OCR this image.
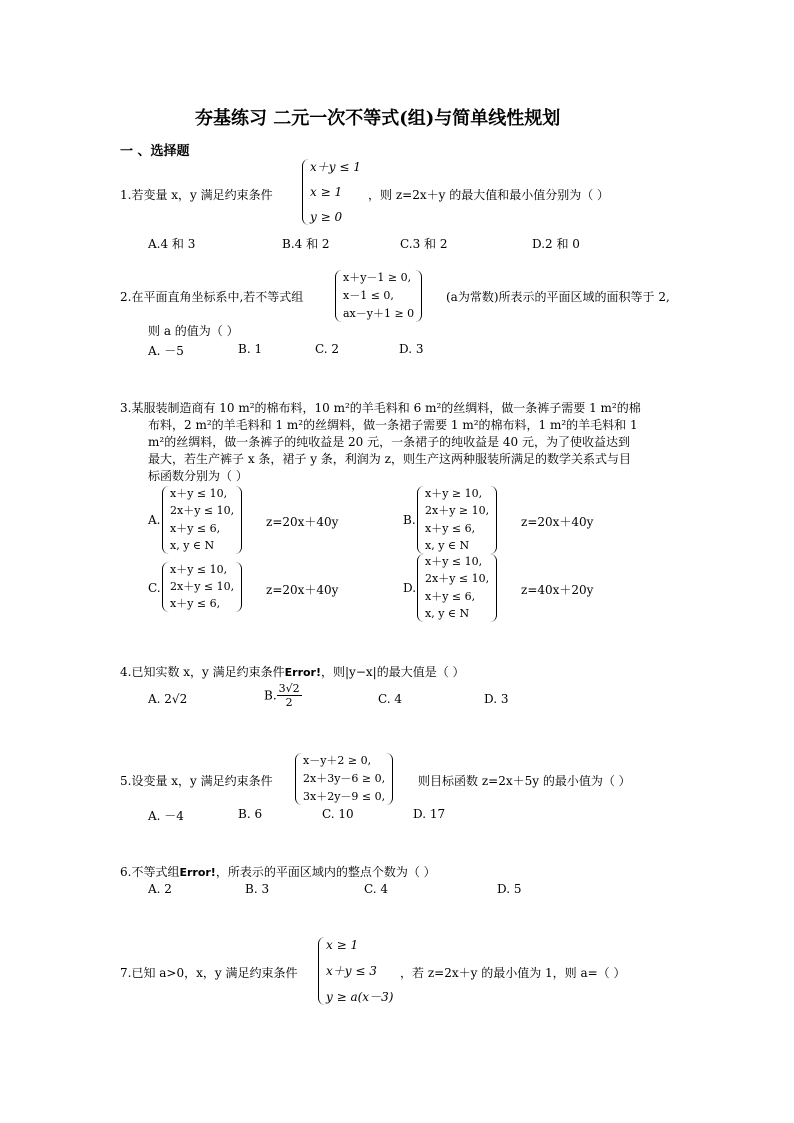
夯基练习 二元一次不等式(组)与简单线性规划
一 、选择题
1.若变量 x，y 满足约束条件
x＋y ≤ 1
x ≥ 1
y ≥ 0
，则 z=2x＋y 的最大值和最小值分别为（ ）
A.4 和 3	B.4 和 2	C.3 和 2	D.2 和 0
2.在平面直角坐标系中,若不等式组
x＋y－1 ≥ 0,
x－1 ≤ 0,
ax－y＋1 ≥ 0
(a为常数)所表示的平面区域的面积等于 2,
则 a 的值为（ ）
A. －5	B. 1	C. 2	D. 3
3.某服装制造商有 10 m²的棉布料，10 m²的羊毛料和 6 m²的丝绸料，做一条裤子需要 1 m²的棉
布料，2 m²的羊毛料和 1 m²的丝绸料，做一条裙子需要 1 m²的棉布料，1 m²的羊毛料和 1
m²的丝绸料，做一条裤子的纯收益是 20 元，一条裙子的纯收益是 40 元，为了使收益达到
最大，若生产裤子 x 条，裙子 y 条，利润为 z，则生产这两种服装所满足的数学关系式与目
标函数分别为（ ）
A.
x＋y ≤ 10,
2x＋y ≤ 10,
x＋y ≤ 6,
x, y ∈ N
z=20x＋40y	B.
x＋y ≥ 10,
2x＋y ≥ 10,
x＋y ≤ 6,
x, y ∈ N
z=20x＋40y
C.
x＋y ≤ 10,
2x＋y ≤ 10,
x＋y ≤ 6,
z=20x＋40y	D.
x＋y ≤ 10,
2x＋y ≤ 10,
x＋y ≤ 6,
x, y ∈ N
z=40x＋20y
4.已知实数 x，y 满足约束条件Error!，则|y−x|的最大值是（ ）
A. 2√2	B. $\frac{3√2}{2}$	C. 4	D. 3
5.设变量 x，y 满足约束条件
x－y＋2 ≥ 0,
2x＋3y－6 ≥ 0,
3x＋2y－9 ≤ 0,
则目标函数 z=2x＋5y 的最小值为（ ）
A. －4	B. 6	C. 10	D. 17
6.不等式组Error!，所表示的平面区域内的整点个数为（ ）
A. 2	B. 3	C. 4	D. 5
7.已知 a>0，x，y 满足约束条件
x ≥ 1
x＋y ≤ 3
y ≥ a(x－3)
，若 z=2x＋y 的最小值为 1，则 a=（ ）
